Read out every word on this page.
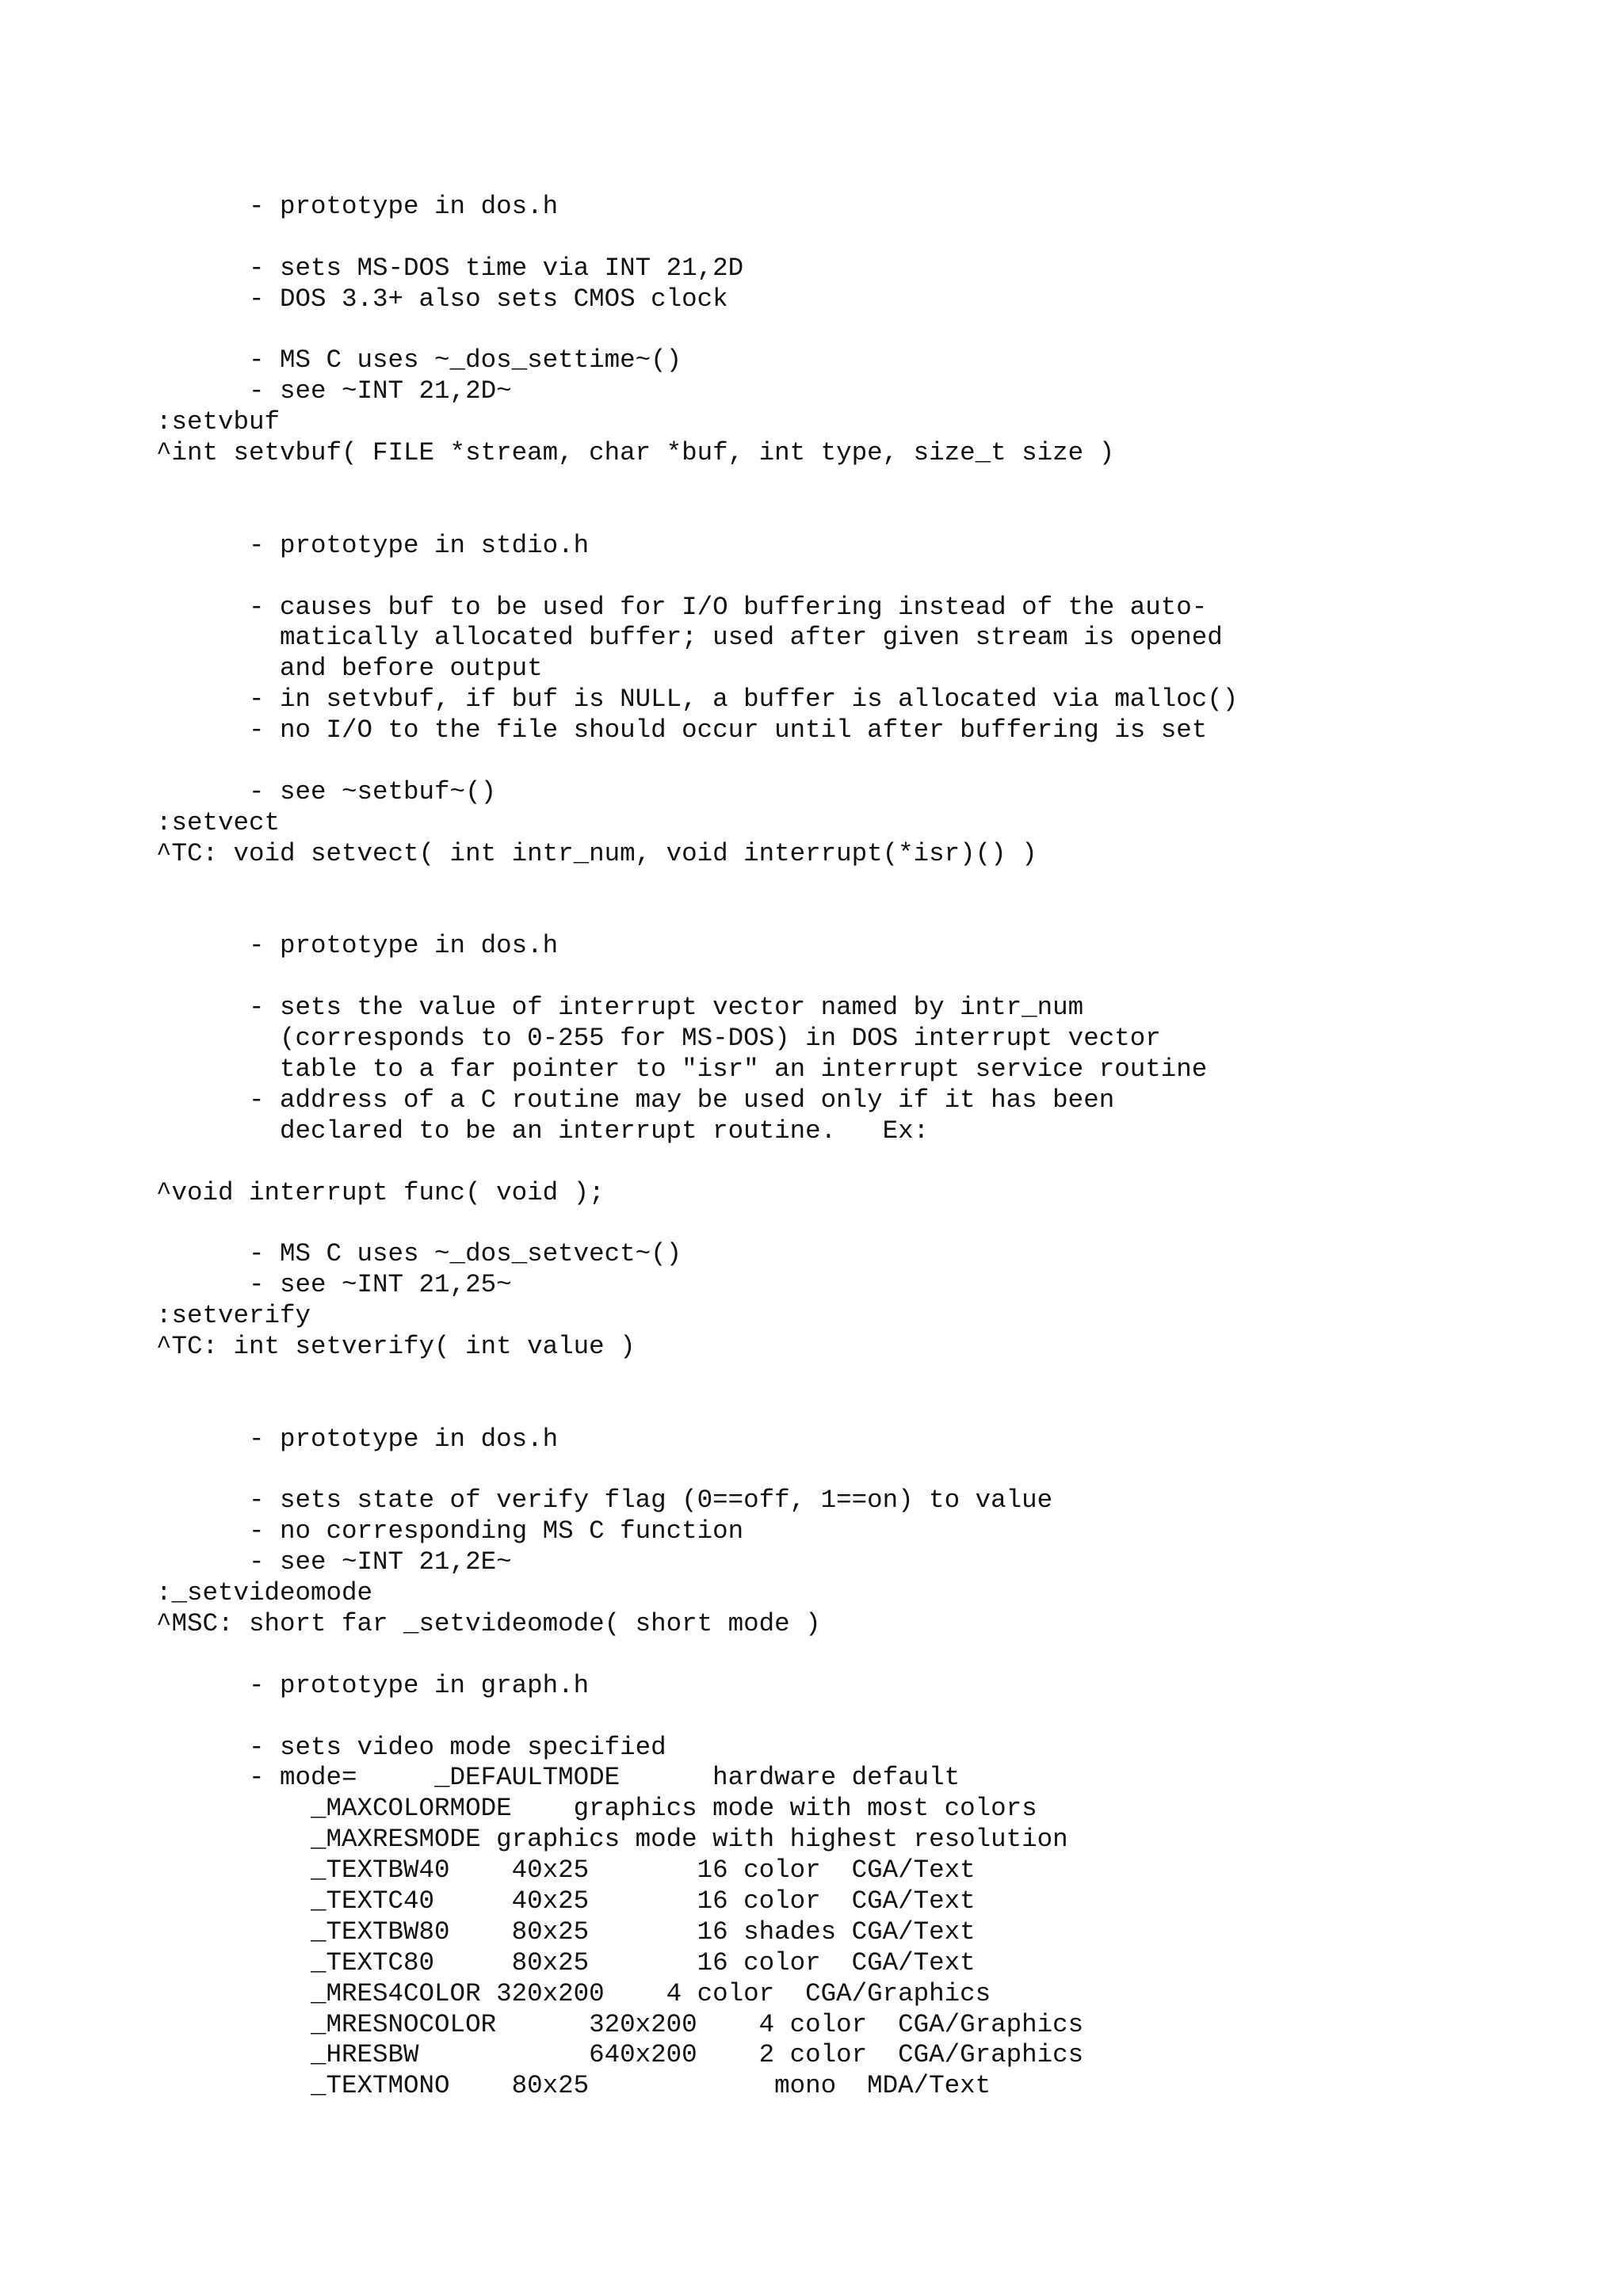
- prototype in dos.h
- sets MS-DOS time via INT 21,2D
- DOS 3.3+ also sets CMOS clock
- MS C uses ~_dos_settime~()
- see ~INT 21,2D~
:setvbuf
^int setvbuf( FILE *stream, char *buf, int type, size_t size )
- prototype in stdio.h
- causes buf to be used for I/O buffering instead of the auto-
matically allocated buffer; used after given stream is opened
and before output
- in setvbuf, if buf is NULL, a buffer is allocated via malloc()
- no I/O to the file should occur until after buffering is set
- see ~setbuf~()
:setvect
^TC: void setvect( int intr_num, void interrupt(*isr)() )
- prototype in dos.h
- sets the value of interrupt vector named by intr_num
(corresponds to 0-255 for MS-DOS) in DOS interrupt vector
table to a far pointer to "isr" an interrupt service routine
- address of a C routine may be used only if it has been
declared to be an interrupt routine.   Ex:
^void interrupt func( void );
- MS C uses ~_dos_setvect~()
- see ~INT 21,25~
:setverify
^TC: int setverify( int value )
- prototype in dos.h
- sets state of verify flag (0==off, 1==on) to value
- no corresponding MS C function
- see ~INT 21,2E~
:_setvideomode
^MSC: short far _setvideomode( short mode )
- prototype in graph.h
- sets video mode specified
- mode=     _DEFAULTMODE      hardware default
_MAXCOLORMODE    graphics mode with most colors
_MAXRESMODE graphics mode with highest resolution
_TEXTBW40    40x25       16 color  CGA/Text
_TEXTC40     40x25       16 color  CGA/Text
_TEXTBW80    80x25       16 shades CGA/Text
_TEXTC80     80x25       16 color  CGA/Text
_MRES4COLOR 320x200    4 color  CGA/Graphics
_MRESNOCOLOR      320x200    4 color  CGA/Graphics
_HRESBW           640x200    2 color  CGA/Graphics
_TEXTMONO    80x25            mono  MDA/Text
